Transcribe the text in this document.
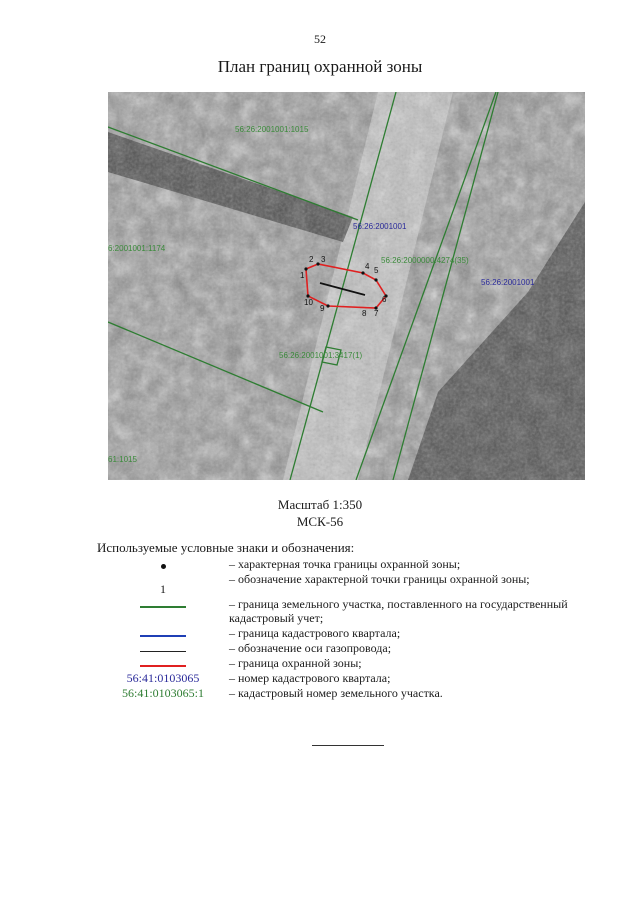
52
План границ охранной зоны
1
2 3
4 5
6
7
8
9
10
56:26:2001001:1015
56:26:2001001
6:2001001:1174
56:26:2000000:4274(35)
56:26:2001001
56:26:2001001:3417(1)
61:1015
Масштаб 1:350
МСК-56
Используемые условные знаки и обозначения:
– характерная точка границы охранной зоны;
1
– обозначение характерной точки границы охранной зоны;
– граница земельного участка, поставленного на государственный кадастровый учет;
– граница кадастрового квартала;
– обозначение оси газопровода;
– граница охранной зоны;
56:41:0103065 – номер кадастрового квартала;
56:41:0103065:1 – кадастровый номер земельного участка.
